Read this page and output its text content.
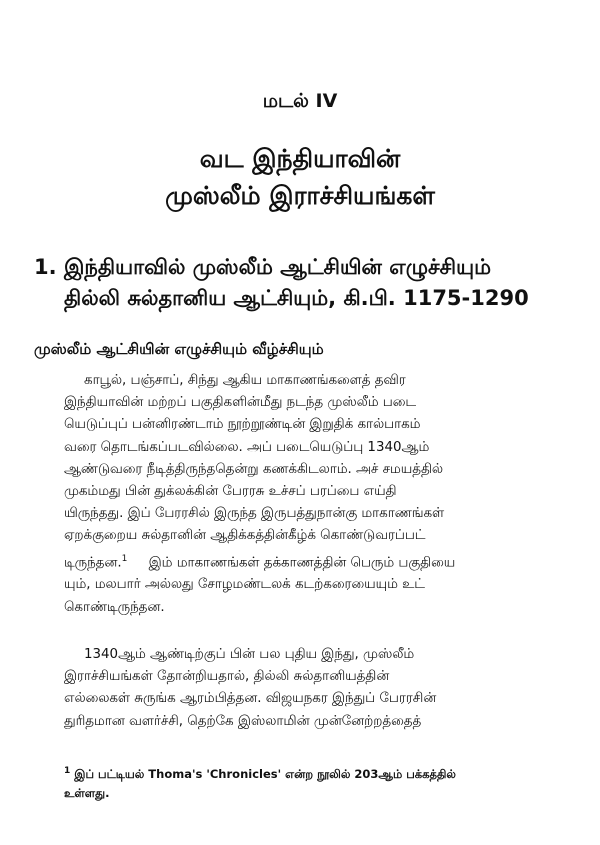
மடல் IV
வட இந்தியாவின்
முஸ்லீம் இராச்சியங்கள்
1. இந்தியாவில் முஸ்லீம் ஆட்சியின் எழுச்சியும்
தில்லி சுல்தானிய ஆட்சியும், கி.பி. 1175-1290
முஸ்லீம் ஆட்சியின் எழுச்சியும் வீழ்ச்சியும்
காபூல், பஞ்சாப், சிந்து ஆகிய மாகாணங்களைத் தவிர
இந்தியாவின் மற்றப் பகுதிகளின்மீது நடந்த முஸ்லீம் படை
யெடுப்புப் பன்னிரண்டாம் நூற்றூண்டின் இறுதிக் கால்பாகம்
வரை தொடங்கப்படவில்லை. அப் படையெடுப்பு 1340ஆம்
ஆண்டுவரை நீடித்திருந்ததென்று கணக்கிடலாம். அச் சமயத்தில்
முகம்மது பின் துக்லக்கின் பேரரசு உச்சப் பரப்பை எய்தி
யிருந்தது. இப் பேரரசில் இருந்த இருபத்துநான்கு மாகாணங்கள்
ஏறக்குறைய சுல்தானின் ஆதிக்கத்தின்கீழ்க் கொண்டுவரப்பட்
டிருந்தன.$^1$ இம் மாகாணங்கள் தக்காணத்தின் பெரும் பகுதியை
யும், மலபார் அல்லது சோழமண்டலக் கடற்கரையையும் உட்
கொண்டிருந்தன.
1340ஆம் ஆண்டிற்குப் பின் பல புதிய இந்து, முஸ்லீம்
இராச்சியங்கள் தோன்றியதால், தில்லி சுல்தானியத்தின்
எல்லைகள் சுருங்க ஆரம்பித்தன. விஜயநகர இந்துப் பேரரசின்
துரிதமான வளர்ச்சி, தெற்கே இஸ்லாமின் முன்னேற்றத்தைத்
$^1$ இப் பட்டியல் Thoma's 'Chronicles' என்ற நூலில் 203ஆம் பக்கத்தில்
உள்ளது.
